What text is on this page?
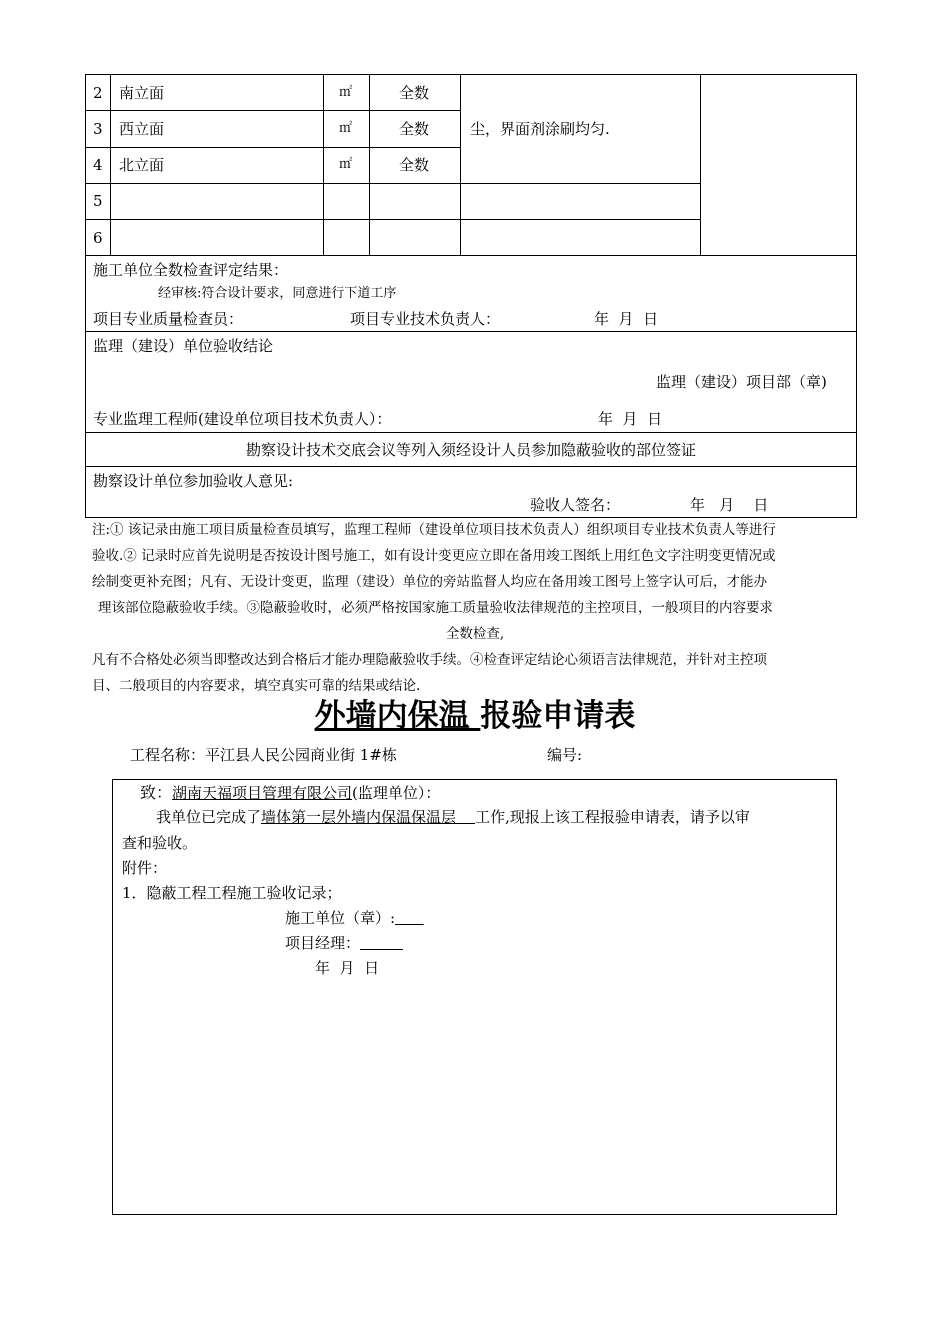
2 南立面	㎡	全数
3 西立面	㎡	全数
4 北立面	㎡	全数
5
6
尘，界面剂涂刷均匀.
施工单位全数检查评定结果：
经审核:符合设计要求，同意进行下道工序
项目专业质量检查员：	项目专业技术负责人：	年  月  日
监理（建设）单位验收结论
监理（建设）项目部（章)
专业监理工程师(建设单位项目技术负责人）：	年  月  日
勘察设计技术交底会议等列入须经设计人员参加隐蔽验收的部位签证
勘察设计单位参加验收人意见:
验收人签名：	年   月    日

注:① 该记录由施工项目质量检查员填写，监理工程师（建设单位项目技术负责人）组织项目专业技术负责人等进行

验收.② 记录时应首先说明是否按设计图号施工，如有设计变更应立即在备用竣工图纸上用红色文字注明变更情况或

绘制变更补充图；凡有、无设计变更，监理（建设）单位的旁站监督人均应在备用竣工图号上签字认可后，才能办

理该部位隐蔽验收手续。③隐蔽验收时，必须严格按国家施工质量验收法律规范的主控项目，一般项目的内容要求

全数检查,

凡有不合格处必须当即整改达到合格后才能办理隐蔽验收手续。④检查评定结论心须语言法律规范，并针对主控项

目、二般项目的内容要求，填空真实可靠的结果或结论.

外墙内保温 报验申请表
工程名称：平江县人民公园商业街 1#栋	编号:
致：湖南天福项目管理有限公司(监理单位）：
我单位已完成了墙体第一层外墙内保温保温层    工作,现报上该工程报验申请表，请予以审
查和验收。
附件：
1．隐蔽工程工程施工验收记录；
施工单位（章）:
项目经理：
年  月  日
